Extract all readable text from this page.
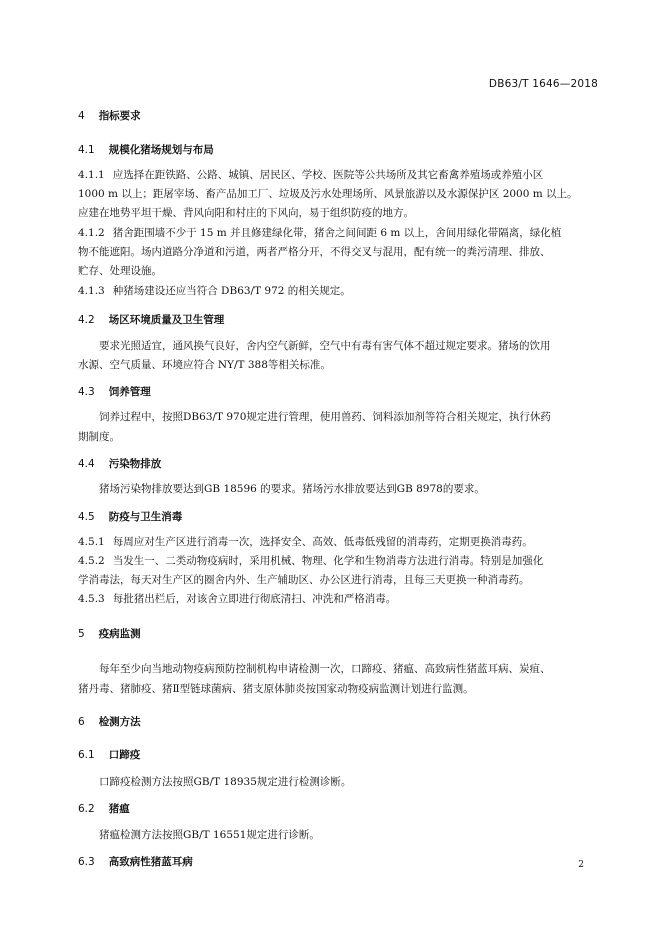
DB63/T 1646—2018
4 指标要求
4.1 规模化猪场规划与布局
4.1.1 应选择在距铁路、公路、城镇、居民区、学校、医院等公共场所及其它畜禽养殖场或养殖小区
1000 m 以上；距屠宰场、畜产品加工厂、垃圾及污水处理场所、风景旅游以及水源保护区 2000 m 以上。
应建在地势平坦干燥、背风向阳和村庄的下风向，易于组织防疫的地方。
4.1.2 猪舍距围墙不少于 15 m 并且修建绿化带，猪舍之间间距 6 m 以上，舍间用绿化带隔离，绿化植
物不能遮阳。场内道路分净道和污道，两者严格分开，不得交叉与混用，配有统一的粪污清理、排放、
贮存、处理设施。
4.1.3 种猪场建设还应当符合 DB63/T 972 的相关规定。
4.2 场区环境质量及卫生管理
要求光照适宜，通风换气良好，舍内空气新鲜，空气中有毒有害气体不超过规定要求。猪场的饮用
水源、空气质量、环境应符合 NY/T 388等相关标准。
4.3 饲养管理
饲养过程中，按照DB63/T 970规定进行管理，使用兽药、饲料添加剂等符合相关规定，执行休药
期制度。
4.4 污染物排放
猪场污染物排放要达到GB 18596 的要求。猪场污水排放要达到GB 8978的要求。
4.5 防疫与卫生消毒
4.5.1 每周应对生产区进行消毒一次，选择安全、高效、低毒低残留的消毒药，定期更换消毒药。
4.5.2 当发生一、二类动物疫病时，采用机械、物理、化学和生物消毒方法进行消毒。特别是加强化
学消毒法，每天对生产区的圈舍内外、生产辅助区、办公区进行消毒，且每三天更换一种消毒药。
4.5.3 每批猪出栏后，对该舍立即进行彻底清扫、冲洗和严格消毒。
5 疫病监测
每年至少向当地动物疫病预防控制机构申请检测一次，口蹄疫、猪瘟、高致病性猪蓝耳病、炭疽、
猪丹毒、猪肺疫、猪Ⅱ型链球菌病、猪支原体肺炎按国家动物疫病监测计划进行监测。
6 检测方法
6.1 口蹄疫
口蹄疫检测方法按照GB/T 18935规定进行检测诊断。
6.2 猪瘟
猪瘟检测方法按照GB/T 16551规定进行诊断。
6.3 高致病性猪蓝耳病	2
